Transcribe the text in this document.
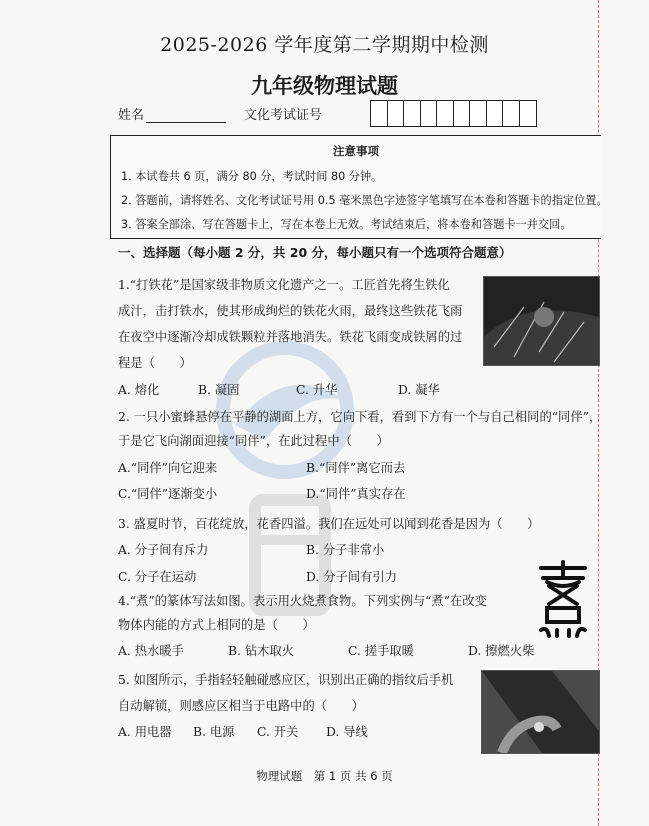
2025-2026 学年度第二学期期中检测
九年级物理试题
姓名	文化考试证号
注意事项
1. 本试卷共 6 页，满分 80 分，考试时间 80 分钟。
2. 答题前，请将姓名、文化考试证号用 0.5 毫米黑色字迹签字笔填写在本卷和答题卡的指定位置。
3. 答案全部涂、写在答题卡上，写在本卷上无效。考试结束后，将本卷和答题卡一并交回。
一、选择题（每小题 2 分，共 20 分，每小题只有一个选项符合题意）
1.“打铁花”是国家级非物质文化遗产之一。工匠首先将生铁化
成汁，击打铁水，使其形成绚烂的铁花火雨，最终这些铁花飞雨
在夜空中逐渐冷却成铁颗粒并落地消失。铁花飞雨变成铁屑的过
程是（　　）
A. 熔化	B. 凝固	C. 升华	D. 凝华
2. 一只小蜜蜂悬停在平静的湖面上方，它向下看，看到下方有一个与自己相同的“同伴”，
于是它飞向湖面迎接“同伴”，在此过程中（　　）
A.“同伴”向它迎来	B.“同伴”离它而去
C.“同伴”逐渐变小	D.“同伴”真实存在
3. 盛夏时节，百花绽放，花香四溢。我们在远处可以闻到花香是因为（　　）
A. 分子间有斥力	B. 分子非常小
C. 分子在运动	D. 分子间有引力
4.“煮”的篆体写法如图。表示用火烧煮食物。下列实例与“煮”在改变
物体内能的方式上相同的是（　　）
A. 热水暖手	B. 钻木取火	C. 搓手取暖	D. 擦燃火柴
5. 如图所示，手指轻轻触碰感应区，识别出正确的指纹后手机
自动解锁，则感应区相当于电路中的（　　）
A. 用电器 B. 电源 C. 开关 D. 导线
物理试题　第 1 页 共 6 页
